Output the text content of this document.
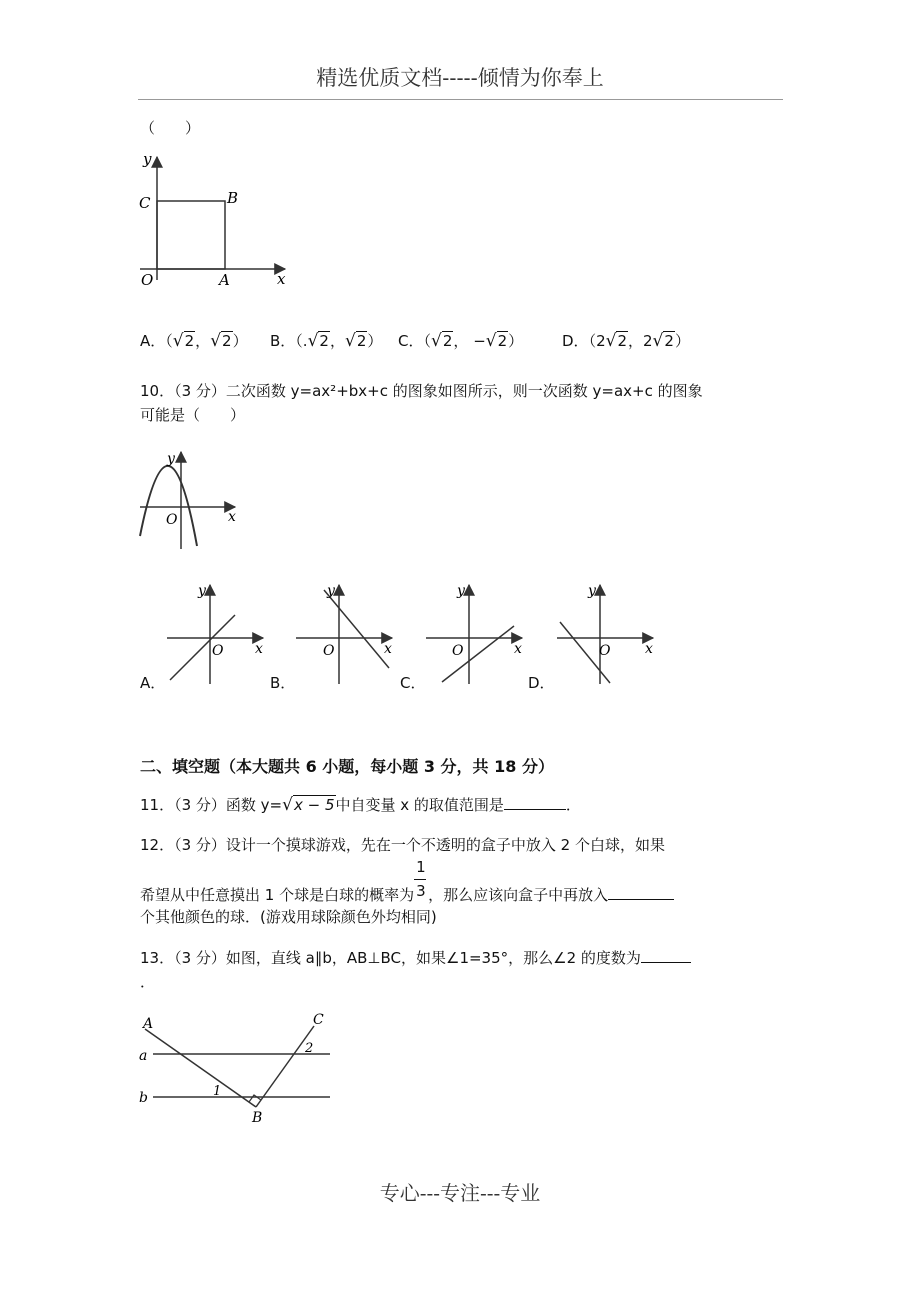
精选优质文档-----倾情为你奉上
（　　）
y
x
C	B
O	A
A．（√2，√2） B．（.√2，√2） C．（√2， −√2）	D．（2√2，2√2）
10．（3 分）二次函数 y=ax²+bx+c 的图象如图所示，则一次函数 y=ax+c 的图象
可能是（　　）
y
x
O
y
x
O
y
x
O
y
x
O
y
x
O
A．	B．	C．	D．
二、填空题（本大题共 6 小题，每小题 3 分，共 18 分）
11．（3 分）函数 y=√x − 5中自变量 x 的取值范围是	．
12．（3 分）设计一个摸球游戏，先在一个不透明的盒子中放入 2 个白球，如果
希望从中任意摸出 1 个球是白球的概率为 $\frac{1}{3}$ ，那么应该向盒子中再放入
个其他颜色的球．(游戏用球除颜色外均相同)
13．（3 分）如图，直线 a∥b，AB⊥BC，如果∠1=35°，那么∠2 的度数为
．
A	C
a
b	1
2
B
专心---专注---专业
